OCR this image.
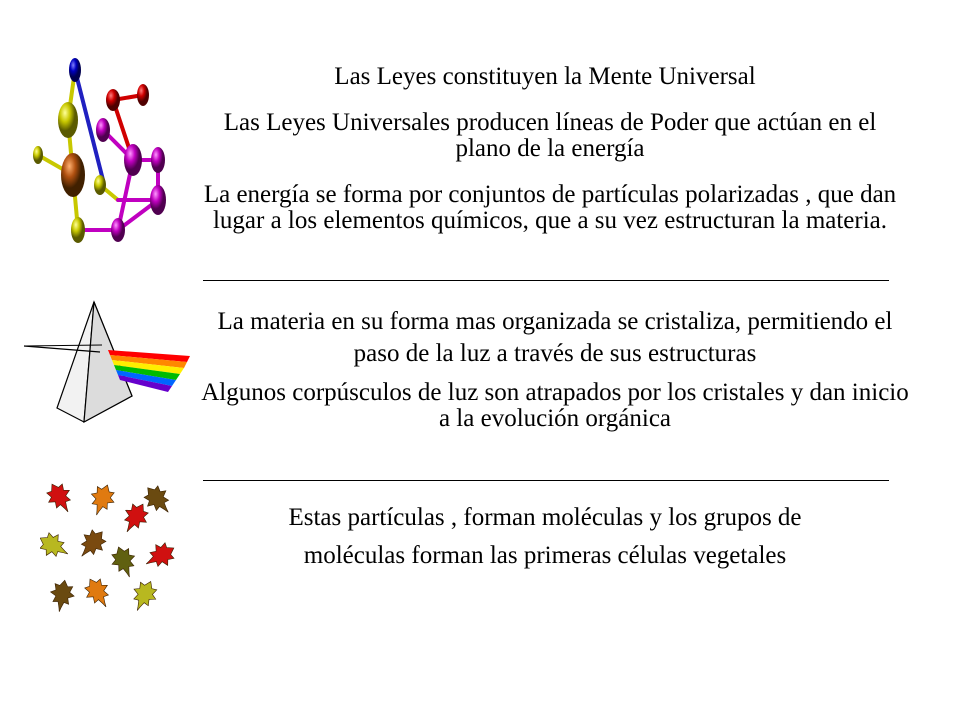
Las Leyes constituyen la Mente Universal

Las Leyes Universales producen líneas de Poder que actúan en el plano de la energía

La energía se forma por conjuntos de partículas polarizadas , que dan lugar a los elementos químicos, que a su vez estructuran la materia.

La materia en su forma mas organizada se cristaliza, permitiendo el paso de la luz a través de sus estructuras

Algunos corpúsculos de luz son atrapados por los cristales y dan inicio a la evolución orgánica

Estas partículas , forman moléculas y los grupos de moléculas forman las primeras células vegetales
